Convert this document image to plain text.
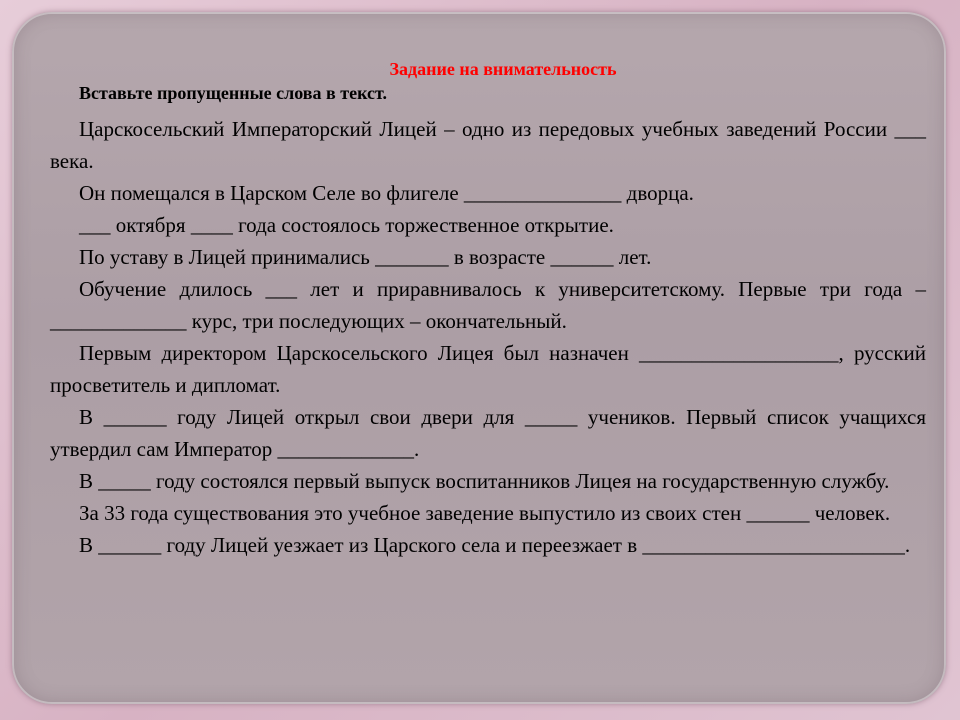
Задание на внимательность

Вставьте пропущенные слова в текст.

Царскосельский Императорский Лицей – одно из передовых учебных заведений России ___ века.

Он помещался в Царском Селе во флигеле _______________ дворца.

___ октября ____ года состоялось торжественное открытие.

По уставу в Лицей принимались _______ в возрасте ______ лет.

Обучение длилось ___ лет и приравнивалось к университетскому. Первые три года – _____________ курс, три последующих – окончательный.

Первым директором Царскосельского Лицея был назначен ___________________, русский просветитель и дипломат.

В ______ году Лицей открыл свои двери для _____ учеников. Первый список учащихся утвердил сам Император _____________.

В _____ году состоялся первый выпуск воспитанников Лицея на государственную службу.

За 33 года существования это учебное заведение выпустило из своих стен ______ человек.

В ______ году Лицей уезжает из Царского села и переезжает в _________________________.
